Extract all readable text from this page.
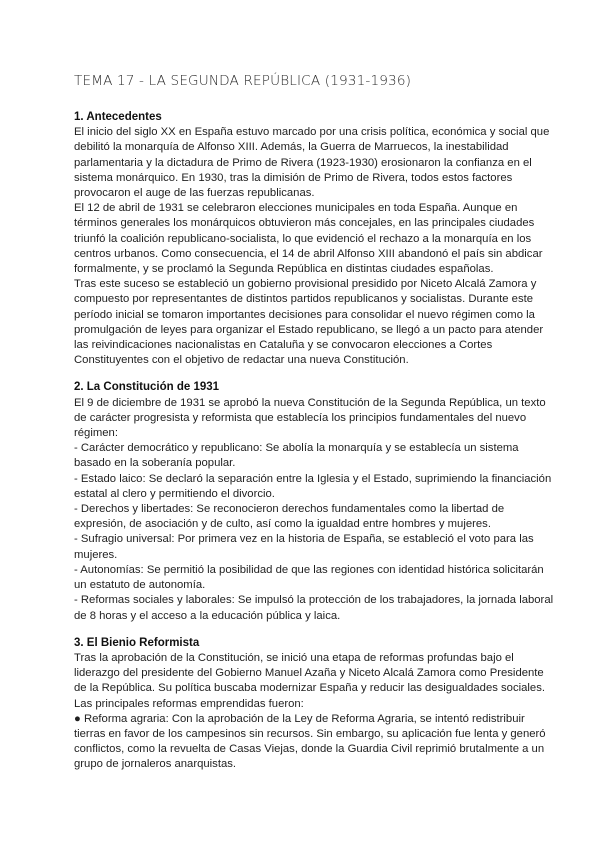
TEMA 17 - LA SEGUNDA REPÚBLICA (1931-1936)
1. Antecedentes

El inicio del siglo XX en España estuvo marcado por una crisis política, económica y social que debilitó la monarquía de Alfonso XIII. Además, la Guerra de Marruecos, la inestabilidad parlamentaria y la dictadura de Primo de Rivera (1923-1930) erosionaron la confianza en el sistema monárquico. En 1930, tras la dimisión de Primo de Rivera, todos estos factores provocaron el auge de las fuerzas republicanas.

El 12 de abril de 1931 se celebraron elecciones municipales en toda España. Aunque en términos generales los monárquicos obtuvieron más concejales, en las principales ciudades triunfó la coalición republicano-socialista, lo que evidenció el rechazo a la monarquía en los centros urbanos. Como consecuencia, el 14 de abril Alfonso XIII abandonó el país sin abdicar formalmente, y se proclamó la Segunda República en distintas ciudades españolas.

Tras este suceso se estableció un gobierno provisional presidido por Niceto Alcalá Zamora y compuesto por representantes de distintos partidos republicanos y socialistas. Durante este período inicial se tomaron importantes decisiones para consolidar el nuevo régimen como la promulgación de leyes para organizar el Estado republicano, se llegó a un pacto para atender las reivindicaciones nacionalistas en Cataluña y se convocaron elecciones a Cortes Constituyentes con el objetivo de redactar una nueva Constitución.

2. La Constitución de 1931

El 9 de diciembre de 1931 se aprobó la nueva Constitución de la Segunda República, un texto de carácter progresista y reformista que establecía los principios fundamentales del nuevo régimen:

- Carácter democrático y republicano: Se abolía la monarquía y se establecía un sistema basado en la soberanía popular.

- Estado laico: Se declaró la separación entre la Iglesia y el Estado, suprimiendo la financiación estatal al clero y permitiendo el divorcio.

- Derechos y libertades: Se reconocieron derechos fundamentales como la libertad de expresión, de asociación y de culto, así como la igualdad entre hombres y mujeres.

- Sufragio universal: Por primera vez en la historia de España, se estableció el voto para las mujeres.

- Autonomías: Se permitió la posibilidad de que las regiones con identidad histórica solicitarán un estatuto de autonomía.

- Reformas sociales y laborales: Se impulsó la protección de los trabajadores, la jornada laboral de 8 horas y el acceso a la educación pública y laica.

3. El Bienio Reformista

Tras la aprobación de la Constitución, se inició una etapa de reformas profundas bajo el liderazgo del presidente del Gobierno Manuel Azaña y Niceto Alcalá Zamora como Presidente de la República. Su política buscaba modernizar España y reducir las desigualdades sociales. Las principales reformas emprendidas fueron:

● Reforma agraria: Con la aprobación de la Ley de Reforma Agraria, se intentó redistribuir tierras en favor de los campesinos sin recursos. Sin embargo, su aplicación fue lenta y generó conflictos, como la revuelta de Casas Viejas, donde la Guardia Civil reprimió brutalmente a un grupo de jornaleros anarquistas.
